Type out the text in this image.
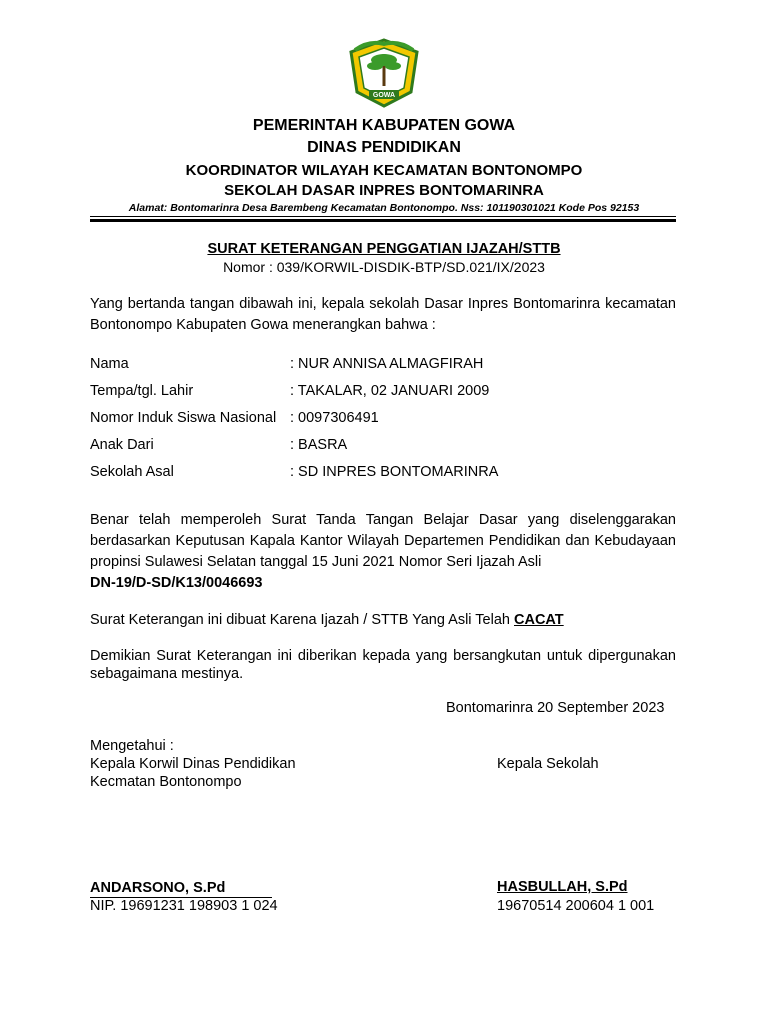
GOWA
PEMERINTAH KABUPATEN GOWA
DINAS PENDIDIKAN
KOORDINATOR WILAYAH KECAMATAN BONTONOMPO
SEKOLAH DASAR INPRES BONTOMARINRA
Alamat: Bontomarinra Desa Barembeng Kecamatan Bontonompo. Nss: 101190301021 Kode Pos 92153
SURAT KETERANGAN PENGGATIAN IJAZAH/STTB
Nomor : 039/KORWIL-DISDIK-BTP/SD.021/IX/2023
Yang bertanda tangan dibawah ini, kepala sekolah Dasar Inpres Bontomarinra kecamatan Bontonompo Kabupaten Gowa menerangkan bahwa :
Nama	: NUR ANNISA ALMAGFIRAH
Tempa/tgl. Lahir	: TAKALAR, 02 JANUARI 2009
Nomor Induk Siswa Nasional : 0097306491
Anak Dari	: BASRA
Sekolah Asal	: SD INPRES BONTOMARINRA
Benar telah memperoleh Surat Tanda Tangan Belajar Dasar yang diselenggarakan berdasarkan Keputusan Kapala Kantor Wilayah Departemen Pendidikan dan Kebudayaan propinsi Sulawesi Selatan tanggal 15 Juni 2021 Nomor Seri Ijazah Asli
DN-19/D-SD/K13/0046693
Surat Keterangan ini dibuat Karena Ijazah / STTB Yang Asli Telah CACAT
Demikian Surat Keterangan ini diberikan kepada yang bersangkutan untuk dipergunakan sebagaimana mestinya.
Bontomarinra 20 September 2023
Mengetahui :
Kepala Korwil Dinas Pendidikan
Kecmatan Bontonompo
Kepala Sekolah
ANDARSONO, S.Pd
NIP. 19691231 198903 1 024
HASBULLAH, S.Pd
19670514 200604 1 001
